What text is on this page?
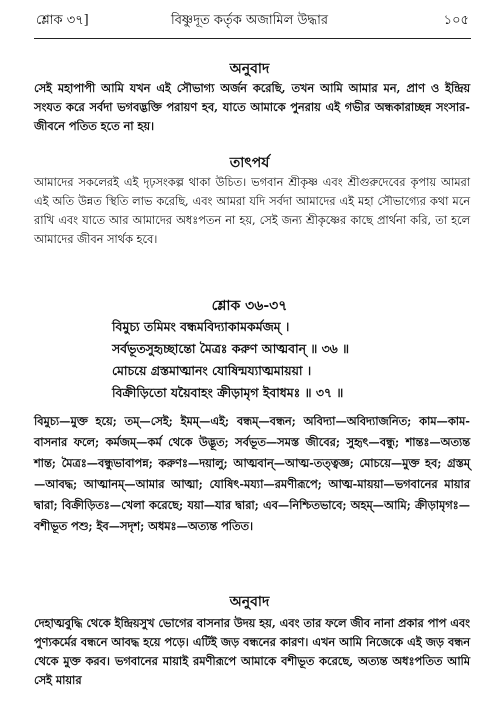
শ্লোক ৩৭]	বিষ্ণুদূত কর্তৃক অজামিল উদ্ধার	১০৫
অনুবাদ

সেই মহাপাপী আমি যখন এই সৌভাগ্য অর্জন করেছি, তখন আমি আমার মন, প্রাণ ও ইন্দ্রিয় সংযত করে সর্বদা ভগবদ্ভক্তি পরায়ণ হব, যাতে আমাকে পুনরায় এই গভীর অন্ধকারাচ্ছন্ন সংসার-জীবনে পতিত হতে না হয়।

তাৎপর্য

আমাদের সকলেরই এই দৃঢ়সংকল্প থাকা উচিত। ভগবান শ্রীকৃষ্ণ এবং শ্রীগুরুদেবের কৃপায় আমরা এই অতি উন্নত স্থিতি লাভ করেছি, এবং আমরা যদি সর্বদা আমাদের এই মহা সৌভাগ্যের কথা মনে রাখি এবং যাতে আর আমাদের অধঃপতন না হয়, সেই জন্য শ্রীকৃষ্ণের কাছে প্রার্থনা করি, তা হলে আমাদের জীবন সার্থক হবে।

শ্লোক ৩৬-৩৭
বিমুচ্য তমিমং বন্ধমবিদ্যাকামকর্মজম্ ।
সর্বভূতসুহৃচ্ছান্তো মৈত্রঃ করুণ আত্মবান্ ॥ ৩৬ ॥
মোচয়ে গ্রস্তমাত্মানং যোষিন্ময্যাত্মমায়য়া ।
বিক্রীড়িতো যয়ৈবাহং ক্রীড়ামৃগ ইবাধমঃ ॥ ৩৭ ॥

বিমুচ্য—মুক্ত হয়ে; তম্—সেই; ইমম্—এই; বন্ধম্—বন্ধন; অবিদ্যা—অবিদ্যাজনিত; কাম—কাম-বাসনার ফলে; কর্মজম্—কর্ম থেকে উদ্ভূত; সর্বভূত—সমস্ত জীবের; সুহৃৎ—বন্ধু; শান্তঃ—অত্যন্ত শান্ত; মৈত্রঃ—বন্ধুভাবাপন্ন; করুণঃ—দয়ালু; আত্মবান্—আত্ম-তত্ত্বজ্ঞ; মোচয়ে—মুক্ত হব; গ্রস্তম্—আবদ্ধ; আত্মানম্—আমার আত্মা; যোষিৎ-ময্যা—রমণীরূপে; আত্ম-মায়য়া—ভগবানের মায়ার দ্বারা; বিক্রীড়িতঃ—খেলা করেছে; যয়া—যার দ্বারা; এব—নিশ্চিতভাবে; অহম্—আমি; ক্রীড়ামৃগঃ—বশীভূত পশু; ইব—সদৃশ; অধমঃ—অত্যন্ত পতিত।

অনুবাদ

দেহাত্মবুদ্ধি থেকে ইন্দ্রিয়সুখ ভোগের বাসনার উদয় হয়, এবং তার ফলে জীব নানা প্রকার পাপ এবং পুণ্যকর্মের বন্ধনে আবদ্ধ হয়ে পড়ে। এটিই জড় বন্ধনের কারণ। এখন আমি নিজেকে এই জড় বন্ধন থেকে মুক্ত করব। ভগবানের মায়াই রমণীরূপে আমাকে বশীভূত করেছে, অত্যন্ত অধঃপতিত আমি সেই মায়ার
